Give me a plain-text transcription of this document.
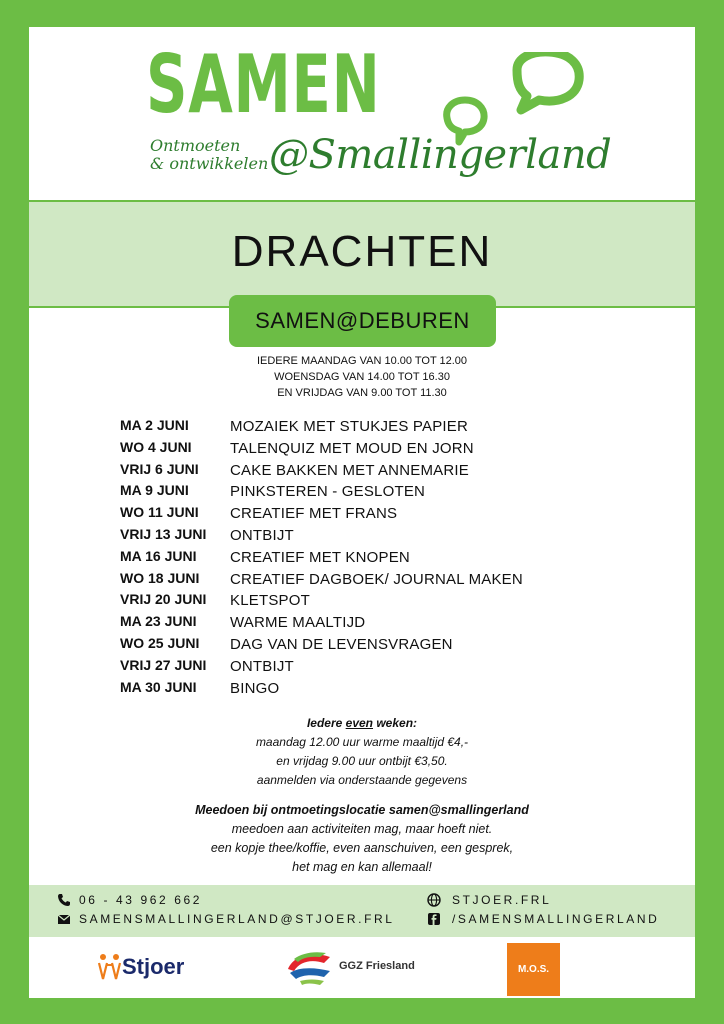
SAMEN
Ontmoeten
& ontwikkelen @Smallingerland
DRACHTEN
SAMEN@DEBUREN
IEDERE MAANDAG VAN 10.00 TOT 12.00
WOENSDAG VAN 14.00 TOT 16.30
EN VRIJDAG VAN 9.00 TOT 11.30
MA 2 JUNI	MOZAIEK MET STUKJES PAPIER
WO 4 JUNI	TALENQUIZ MET MOUD EN JORN
VRIJ 6 JUNI CAKE BAKKEN MET ANNEMARIE
MA 9 JUNI	PINKSTEREN - GESLOTEN
WO 11 JUNI CREATIEF MET FRANS
VRIJ 13 JUNI ONTBIJT
MA 16 JUNI CREATIEF MET KNOPEN
WO 18 JUNI CREATIEF DAGBOEK/ JOURNAL MAKEN
VRIJ 20 JUNI KLETSPOT
MA 23 JUNI WARME MAALTIJD
WO 25 JUNI DAG VAN DE LEVENSVRAGEN
VRIJ 27 JUNI ONTBIJT
MA 30 JUNI BINGO
Iedere even weken:
maandag 12.00 uur warme maaltijd €4,-
en vrijdag 9.00 uur ontbijt €3,50.
aanmelden via onderstaande gegevens
Meedoen bij ontmoetingslocatie samen@smallingerland
meedoen aan activiteiten mag, maar hoeft niet.
een kopje thee/koffie, even aanschuiven, een gesprek,
het mag en kan allemaal!
06 - 43 962 662
SAMENSMALLINGERLAND@STJOER.FRL
STJOER.FRL
/SAMENSMALLINGERLAND
Stjoer	GGZ Friesland	M.O.S.
